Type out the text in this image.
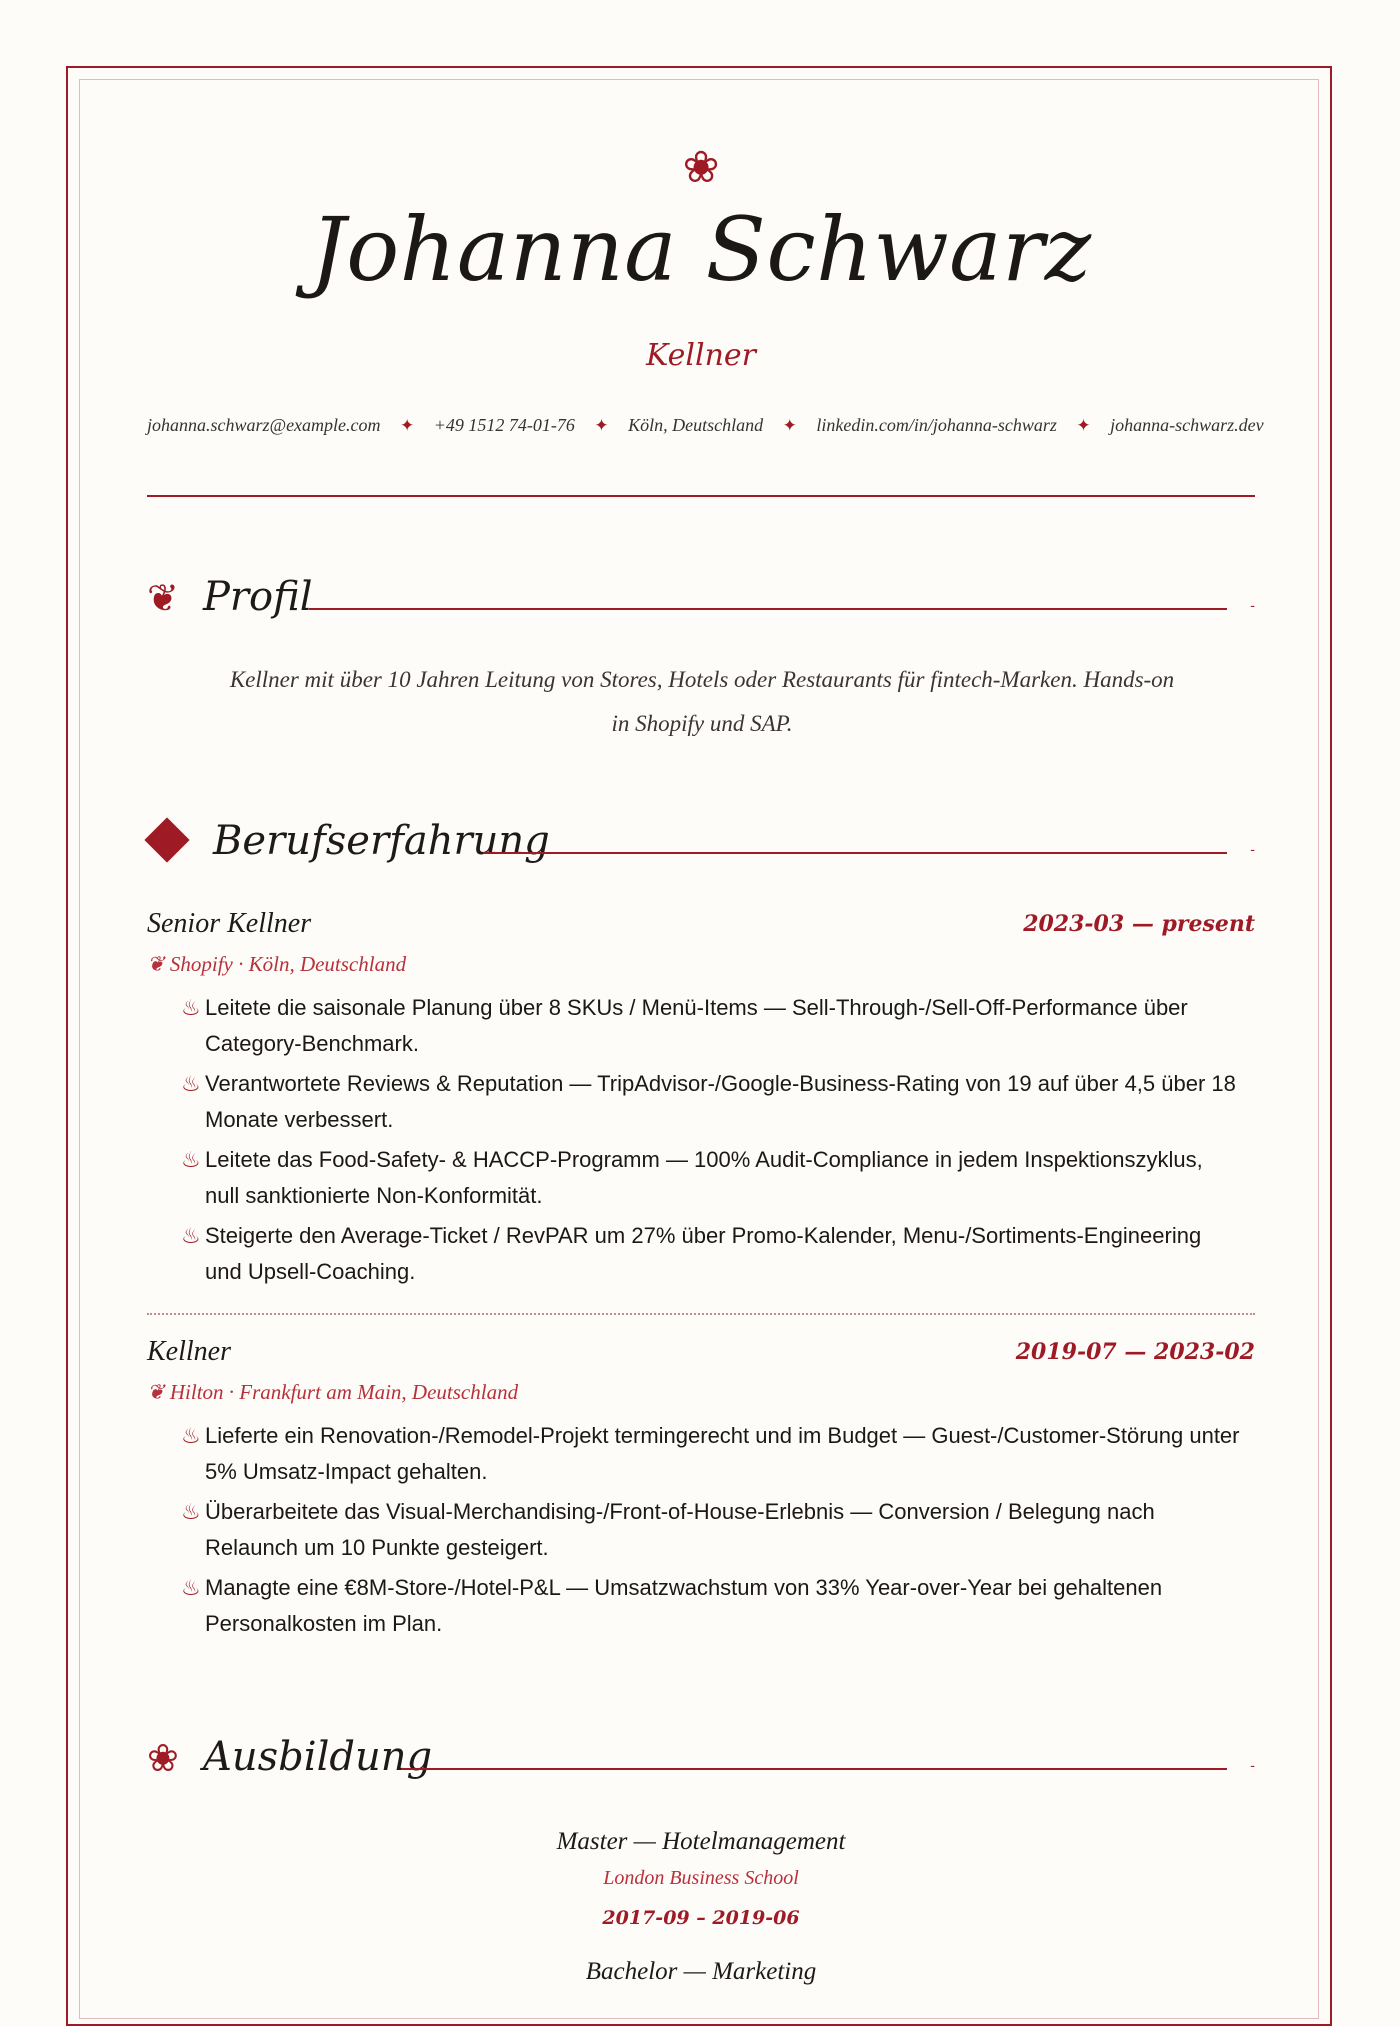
❀
Johanna Schwarz
Kellner
johanna.schwarz@example.com ✦ +49 1512 74-01-76 ✦ Köln, Deutschland ✦ linkedin.com/in/johanna-schwarz ✦ johanna-schwarz.dev
❦ Profil	-
Kellner mit über 10 Jahren Leitung von Stores, Hotels oder Restaurants für fintech-Marken. Hands-on in Shopify und SAP.
Berufserfahrung	-
Senior Kellner	2023-03 — present
❦ Shopify · Köln, Deutschland
♨ Leitete die saisonale Planung über 8 SKUs / Menü-Items — Sell-Through-/Sell-Off-Performance über Category-Benchmark.
♨ Verantwortete Reviews & Reputation — TripAdvisor-/Google-Business-Rating von 19 auf über 4,5 über 18 Monate verbessert.
♨ Leitete das Food-Safety- & HACCP-Programm — 100% Audit-Compliance in jedem Inspektionszyklus, null sanktionierte Non-Konformität.
♨ Steigerte den Average-Ticket / RevPAR um 27% über Promo-Kalender, Menu-/Sortiments-Engineering und Upsell-Coaching.
Kellner	2019-07 — 2023-02
❦ Hilton · Frankfurt am Main, Deutschland
♨ Lieferte ein Renovation-/Remodel-Projekt termingerecht und im Budget — Guest-/Customer-Störung unter 5% Umsatz-Impact gehalten.
♨ Überarbeitete das Visual-Merchandising-/Front-of-House-Erlebnis — Conversion / Belegung nach Relaunch um 10 Punkte gesteigert.
♨ Managte eine €8M-Store-/Hotel-P&L — Umsatzwachstum von 33% Year-over-Year bei gehaltenen Personalkosten im Plan.
❀ Ausbildung	-
Master — Hotelmanagement
London Business School
2017-09 – 2019-06
Bachelor — Marketing
